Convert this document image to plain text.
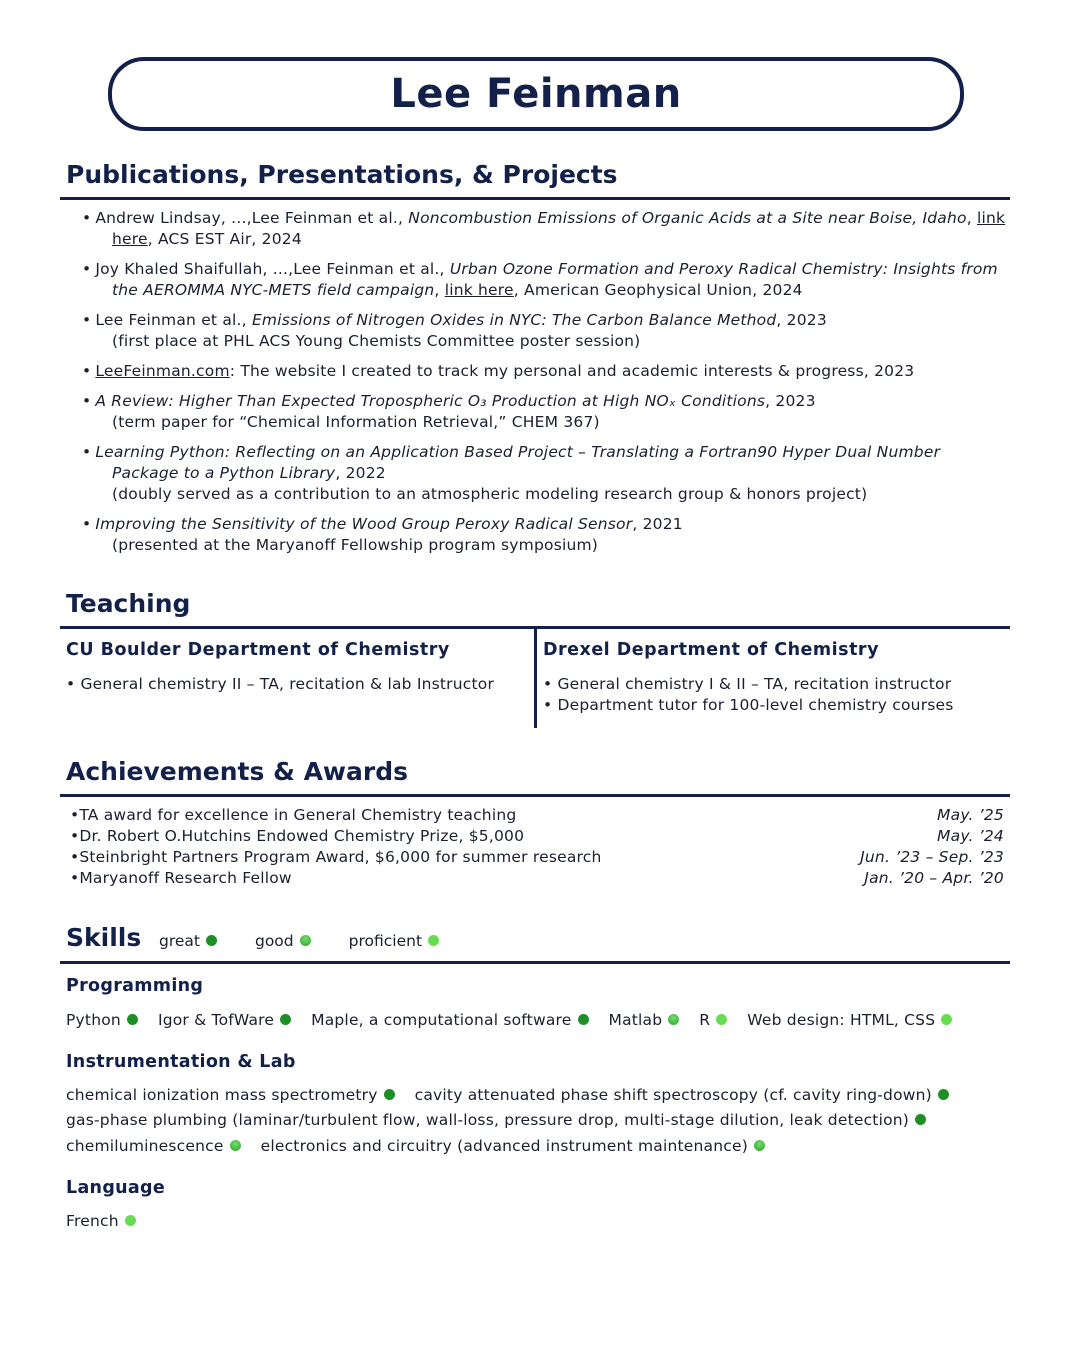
Lee Feinman
Publications, Presentations, & Projects
• Andrew Lindsay, ...,Lee Feinman et al., Noncombustion Emissions of Organic Acids at a Site near Boise, Idaho, link here, ACS EST Air, 2024
• Joy Khaled Shaifullah, ...,Lee Feinman et al., Urban Ozone Formation and Peroxy Radical Chemistry: Insights from the AEROMMA NYC-METS field campaign, link here, American Geophysical Union, 2024
• Lee Feinman et al., Emissions of Nitrogen Oxides in NYC: The Carbon Balance Method, 2023
(first place at PHL ACS Young Chemists Committee poster session)
• LeeFeinman.com: The website I created to track my personal and academic interests & progress, 2023
• A Review: Higher Than Expected Tropospheric O₃ Production at High NOₓ Conditions, 2023
(term paper for “Chemical Information Retrieval,” CHEM 367)
• Learning Python: Reflecting on an Application Based Project – Translating a Fortran90 Hyper Dual Number Package to a Python Library, 2022
(doubly served as a contribution to an atmospheric modeling research group & honors project)
• Improving the Sensitivity of the Wood Group Peroxy Radical Sensor, 2021
(presented at the Maryanoff Fellowship program symposium)
Teaching
CU Boulder Department of Chemistry
• General chemistry II – TA, recitation & lab Instructor
Drexel Department of Chemistry
• General chemistry I & II – TA, recitation instructor
• Department tutor for 100-level chemistry courses
Achievements & Awards
•TA award for excellence in General Chemistry teaching	May. ’25
•Dr. Robert O.Hutchins Endowed Chemistry Prize, $5,000	May. ’24
•Steinbright Partners Program Award, $6,000 for summer research	Jun. ’23 – Sep. ’23
•Maryanoff Research Fellow	Jan. ’20 – Apr. ’20
Skills great	good	proficient
Programming
Python Igor & TofWare Maple, a computational software Matlab R Web design: HTML, CSS
Instrumentation & Lab
chemical ionization mass spectrometry cavity attenuated phase shift spectroscopy (cf. cavity ring-down)
gas-phase plumbing (laminar/turbulent flow, wall-loss, pressure drop, multi-stage dilution, leak detection)
chemiluminescence electronics and circuitry (advanced instrument maintenance)
Language
French
